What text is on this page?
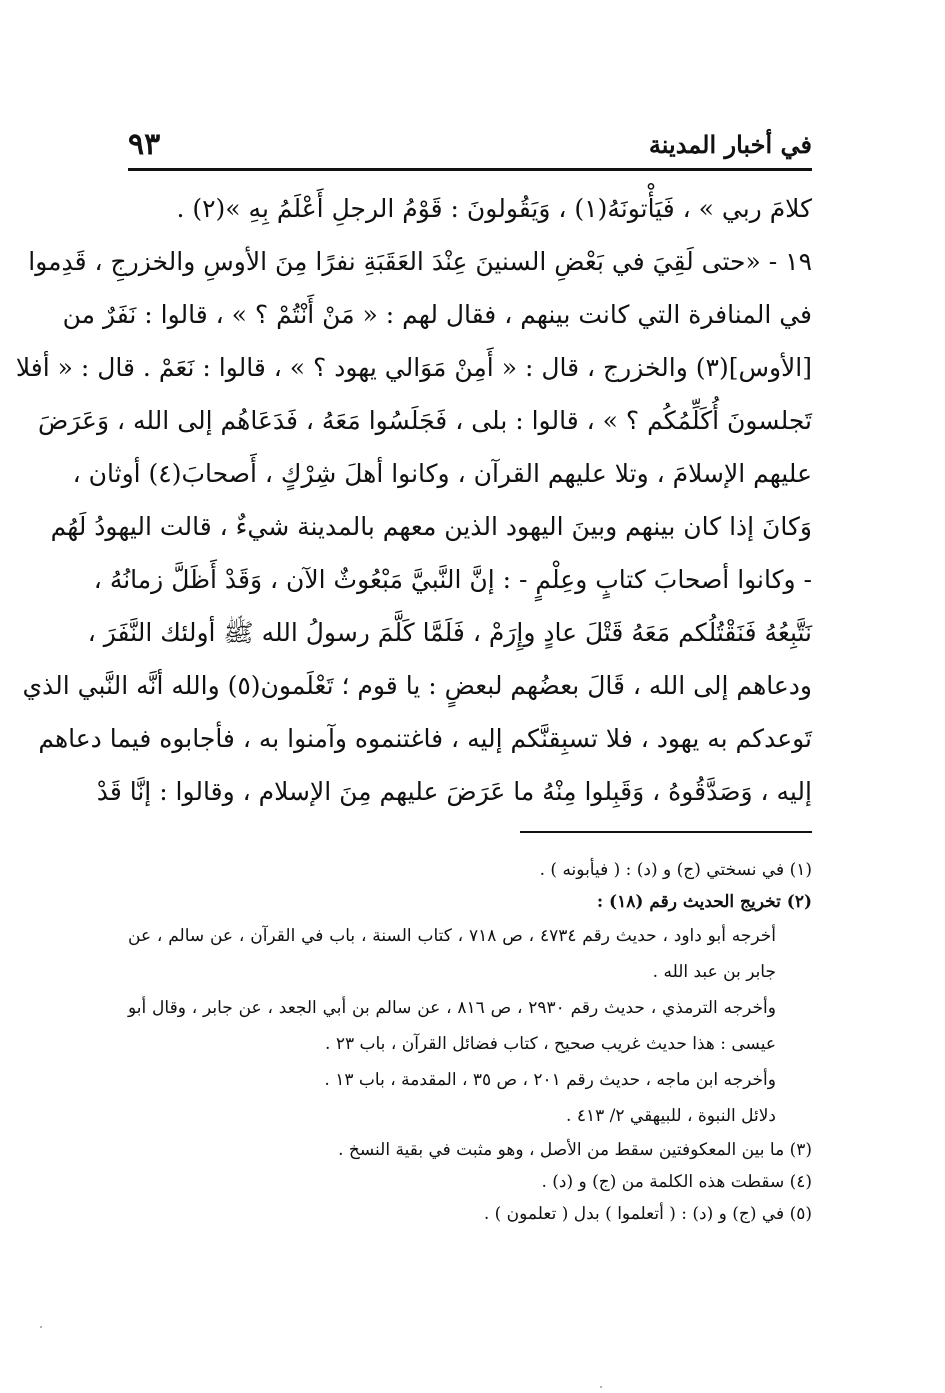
٩٣	في أخبار المدينة
كلامَ ربي » ، فَيَأْتونَهُ(١) ، وَيَقُولونَ : قَوْمُ الرجلِ أَعْلَمُ بِهِ »(٢) .
١٩ - «حتى لَقِيَ في بَعْضِ السنينَ عِنْدَ العَقَبَةِ نفرًا مِنَ الأوسِ والخزرجِ ، قَدِموا
في المنافرة التي كانت بينهم ، فقال لهم : « مَنْ أَنْتُمْ ؟ » ، قالوا : نَفَرٌ من
[الأوس](٣) والخزرج ، قال : « أَمِنْ مَوَالي يهود ؟ » ، قالوا : نَعَمْ . قال : « أفلا
تَجلسونَ أُكَلِّمُكُم ؟ » ، قالوا : بلى ، فَجَلَسُوا مَعَهُ ، فَدَعَاهُم إلى الله ، وَعَرَضَ
عليهم الإسلامَ ، وتلا عليهم القرآن ، وكانوا أهلَ شِرْكٍ ، أَصحابَ(٤) أوثان ،
وَكانَ إذا كان بينهم وبينَ اليهود الذين معهم بالمدينة شيءٌ ، قالت اليهودُ لَهُم
- وكانوا أصحابَ كتابٍ وعِلْمٍ - : إنَّ النَّبيَّ مَبْعُوثٌ الآن ، وَقَدْ أَظَلَّ زمانُهُ ،
نَتَّبِعُهُ فَنَقْتُلُكم مَعَهُ قَتْلَ عادٍ وإِرَمْ ، فَلَمَّا كَلَّمَ رسولُ الله ﷺ أولئك النَّفَرَ ،
ودعاهم إلى الله ، قَالَ بعضُهم لبعضٍ : يا قوم ؛ تَعْلَمون(٥) والله أنَّه النَّبي الذي
تَوعدكم به يهود ، فلا تسبِقنَّكم إليه ، فاغتنموه وآمنوا به ، فأجابوه فيما دعاهم
إليه ، وَصَدَّقُوهُ ، وَقَبِلوا مِنْهُ ما عَرَضَ عليهم مِنَ الإسلام ، وقالوا : إنَّا قَدْ
(١) في نسختي (ج) و (د) : ( فيأبونه ) .
(٢) تخريج الحديث رقم (١٨) :
أخرجه أبو داود ، حديث رقم ٤٧٣٤ ، ص ٧١٨ ، كتاب السنة ، باب في القرآن ، عن سالم ، عن
جابر بن عبد الله .
وأخرجه الترمذي ، حديث رقم ٢٩٣٠ ، ص ٨١٦ ، عن سالم بن أبي الجعد ، عن جابر ، وقال أبو
عيسى : هذا حديث غريب صحيح ، كتاب فضائل القرآن ، باب ٢٣ .
وأخرجه ابن ماجه ، حديث رقم ٢٠١ ، ص ٣٥ ، المقدمة ، باب ١٣ .
دلائل النبوة ، للبيهقي ٢/ ٤١٣ .
(٣) ما بين المعكوفتين سقط من الأصل ، وهو مثبت في بقية النسخ .
(٤) سقطت هذه الكلمة من (ج) و (د) .
(٥) في (ج) و (د) : ( أتعلموا ) بدل ( تعلمون ) .
